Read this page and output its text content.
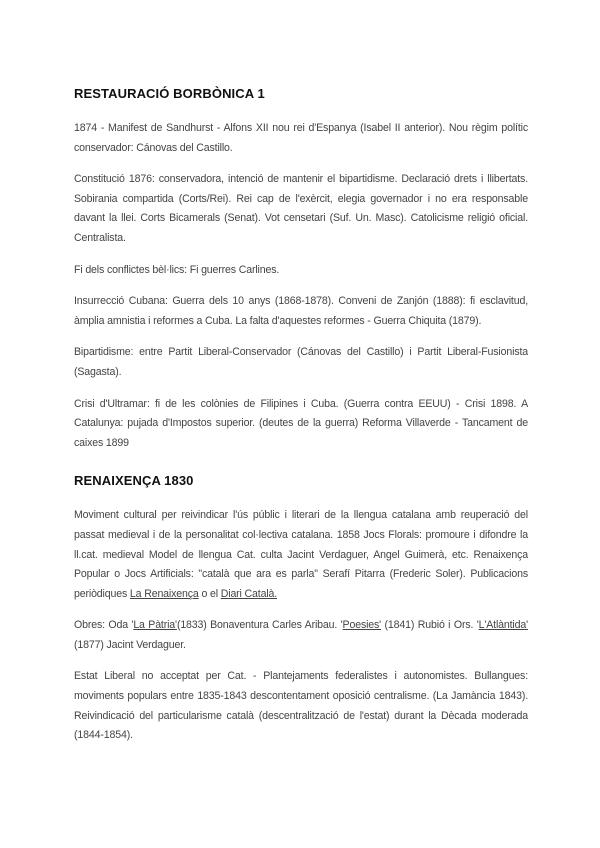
RESTAURACIÓ BORBÒNICA 1

1874 - Manifest de Sandhurst - Alfons XII nou rei d'Espanya (Isabel II anterior). Nou règim polític conservador: Cánovas del Castillo.

Constitució 1876: conservadora, intenció de mantenir el bipartidisme. Declaració drets i llibertats. Sobirania compartida (Corts/Rei). Rei cap de l'exèrcit, elegia governador i no era responsable davant la llei. Corts Bicamerals (Senat). Vot censetari (Suf. Un. Masc). Catolicisme religió oficial. Centralista.

Fi dels conflictes bèl·lics: Fi guerres Carlines.

Insurrecció Cubana: Guerra dels 10 anys (1868-1878). Conveni de Zanjón (1888): fi esclavitud, àmplia amnistia i reformes a Cuba. La falta d'aquestes reformes - Guerra Chiquita (1879).

Bipartidisme: entre Partit Liberal-Conservador (Cánovas del Castillo) i Partit Liberal-Fusionista (Sagasta).

Crisi d'Ultramar: fi de les colònies de Filipines i Cuba. (Guerra contra EEUU) - Crisi 1898. A Catalunya: pujada d'Impostos superior. (deutes de la guerra) Reforma Villaverde - Tancament de caixes 1899

RENAIXENÇA 1830

Moviment cultural per reivindicar l'ús públic i literari de la llengua catalana amb reuperació del passat medieval i de la personalitat col·lectiva catalana. 1858 Jocs Florals: promoure i difondre la ll.cat. medieval Model de llengua Cat. culta Jacint Verdaguer, Angel Guimerà, etc. Renaixença Popular o Jocs Artificials: "català que ara es parla" Serafí Pitarra (Frederic Soler). Publicacions periòdiques La Renaixença o el Diari Català.

Obres: Oda 'La Pàtria'(1833) Bonaventura Carles Aribau. 'Poesies' (1841) Rubió i Ors. 'L'Atlàntida' (1877) Jacint Verdaguer.

Estat Liberal no acceptat per Cat. - Plantejaments federalistes i autonomistes. Bullangues: moviments populars entre 1835-1843 descontentament oposició centralisme. (La Jamància 1843). Reivindicació del particularisme català (descentralització de l'estat) durant la Dècada moderada (1844-1854).
